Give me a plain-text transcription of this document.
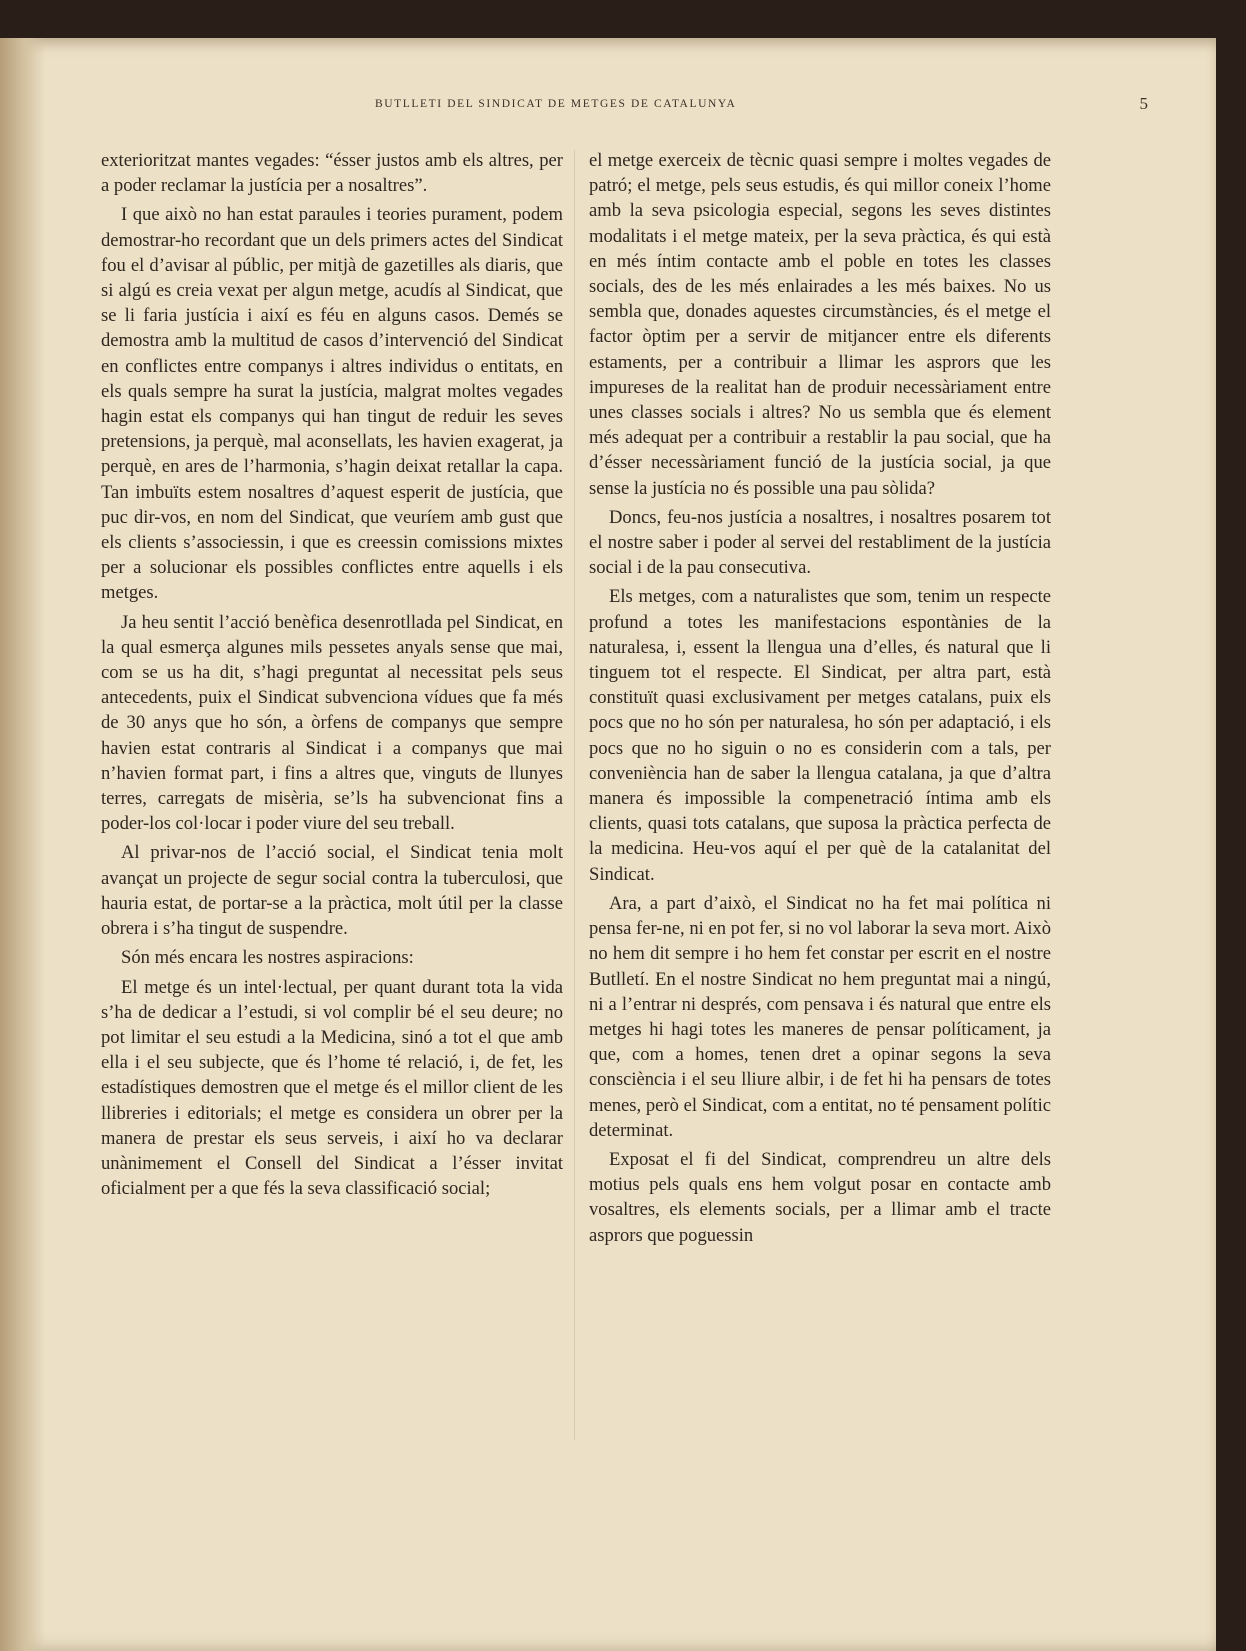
BUTLLETI DEL SINDICAT DE METGES DE CATALUNYA	5

exterioritzat mantes vegades: “ésser justos amb els altres, per a poder reclamar la justícia per a nosaltres”.

I que això no han estat paraules i teories purament, podem demostrar-ho recordant que un dels primers actes del Sindicat fou el d’avisar al públic, per mitjà de gazetilles als diaris, que si algú es creia vexat per algun metge, acudís al Sindicat, que se li faria justícia i així es féu en alguns casos. Demés se demostra amb la multitud de casos d’intervenció del Sindicat en conflictes entre companys i altres individus o entitats, en els quals sempre ha surat la justícia, malgrat moltes vegades hagin estat els companys qui han tingut de reduir les seves pretensions, ja perquè, mal aconsellats, les havien exagerat, ja perquè, en ares de l’harmonia, s’hagin deixat retallar la capa. Tan imbuïts estem nosaltres d’aquest esperit de justícia, que puc dir-vos, en nom del Sindicat, que veuríem amb gust que els clients s’associessin, i que es creessin comissions mixtes per a solucionar els possibles conflictes entre aquells i els metges.

Ja heu sentit l’acció benèfica desenrotllada pel Sindicat, en la qual esmerça algunes mils pessetes anyals sense que mai, com se us ha dit, s’hagi preguntat al necessitat pels seus antecedents, puix el Sindicat subvenciona vídues que fa més de 30 anys que ho són, a òrfens de companys que sempre havien estat contraris al Sindicat i a companys que mai n’havien format part, i fins a altres que, vinguts de llunyes terres, carregats de misèria, se’ls ha subvencionat fins a poder-los col·locar i poder viure del seu treball.

Al privar-nos de l’acció social, el Sindicat tenia molt avançat un projecte de segur social contra la tuberculosi, que hauria estat, de portar-se a la pràctica, molt útil per la classe obrera i s’ha tingut de suspendre.

Són més encara les nostres aspiracions:

El metge és un intel·lectual, per quant durant tota la vida s’ha de dedicar a l’estudi, si vol complir bé el seu deure; no pot limitar el seu estudi a la Medicina, sinó a tot el que amb ella i el seu subjecte, que és l’home té relació, i, de fet, les estadístiques demostren que el metge és el millor client de les llibreries i editorials; el metge es considera un obrer per la manera de prestar els seus serveis, i així ho va declarar unànimement el Consell del Sindicat a l’ésser invitat oficialment per a que fés la seva classificació social;

el metge exerceix de tècnic quasi sempre i moltes vegades de patró; el metge, pels seus estudis, és qui millor coneix l’home amb la seva psicologia especial, segons les seves distintes modalitats i el metge mateix, per la seva pràctica, és qui està en més íntim contacte amb el poble en totes les classes socials, des de les més enlairades a les més baixes. No us sembla que, donades aquestes circumstàncies, és el metge el factor òptim per a servir de mitjancer entre els diferents estaments, per a contribuir a llimar les asprors que les impureses de la realitat han de produir necessàriament entre unes classes socials i altres? No us sembla que és element més adequat per a contribuir a restablir la pau social, que ha d’ésser necessàriament funció de la justícia social, ja que sense la justícia no és possible una pau sòlida?

Doncs, feu-nos justícia a nosaltres, i nosaltres posarem tot el nostre saber i poder al servei del restabliment de la justícia social i de la pau consecutiva.

Els metges, com a naturalistes que som, tenim un respecte profund a totes les manifestacions espontànies de la naturalesa, i, essent la llengua una d’elles, és natural que li tinguem tot el respecte. El Sindicat, per altra part, està constituït quasi exclusivament per metges catalans, puix els pocs que no ho són per naturalesa, ho són per adaptació, i els pocs que no ho siguin o no es considerin com a tals, per conveniència han de saber la llengua catalana, ja que d’altra manera és impossible la compenetració íntima amb els clients, quasi tots catalans, que suposa la pràctica perfecta de la medicina. Heu-vos aquí el per què de la catalanitat del Sindicat.

Ara, a part d’això, el Sindicat no ha fet mai política ni pensa fer-ne, ni en pot fer, si no vol laborar la seva mort. Això no hem dit sempre i ho hem fet constar per escrit en el nostre Butlletí. En el nostre Sindicat no hem preguntat mai a ningú, ni a l’entrar ni després, com pensava i és natural que entre els metges hi hagi totes les maneres de pensar políticament, ja que, com a homes, tenen dret a opinar segons la seva consciència i el seu lliure albir, i de fet hi ha pensars de totes menes, però el Sindicat, com a entitat, no té pensament polític determinat.

Exposat el fi del Sindicat, comprendreu un altre dels motius pels quals ens hem volgut posar en contacte amb vosaltres, els elements socials, per a llimar amb el tracte asprors que poguessin
